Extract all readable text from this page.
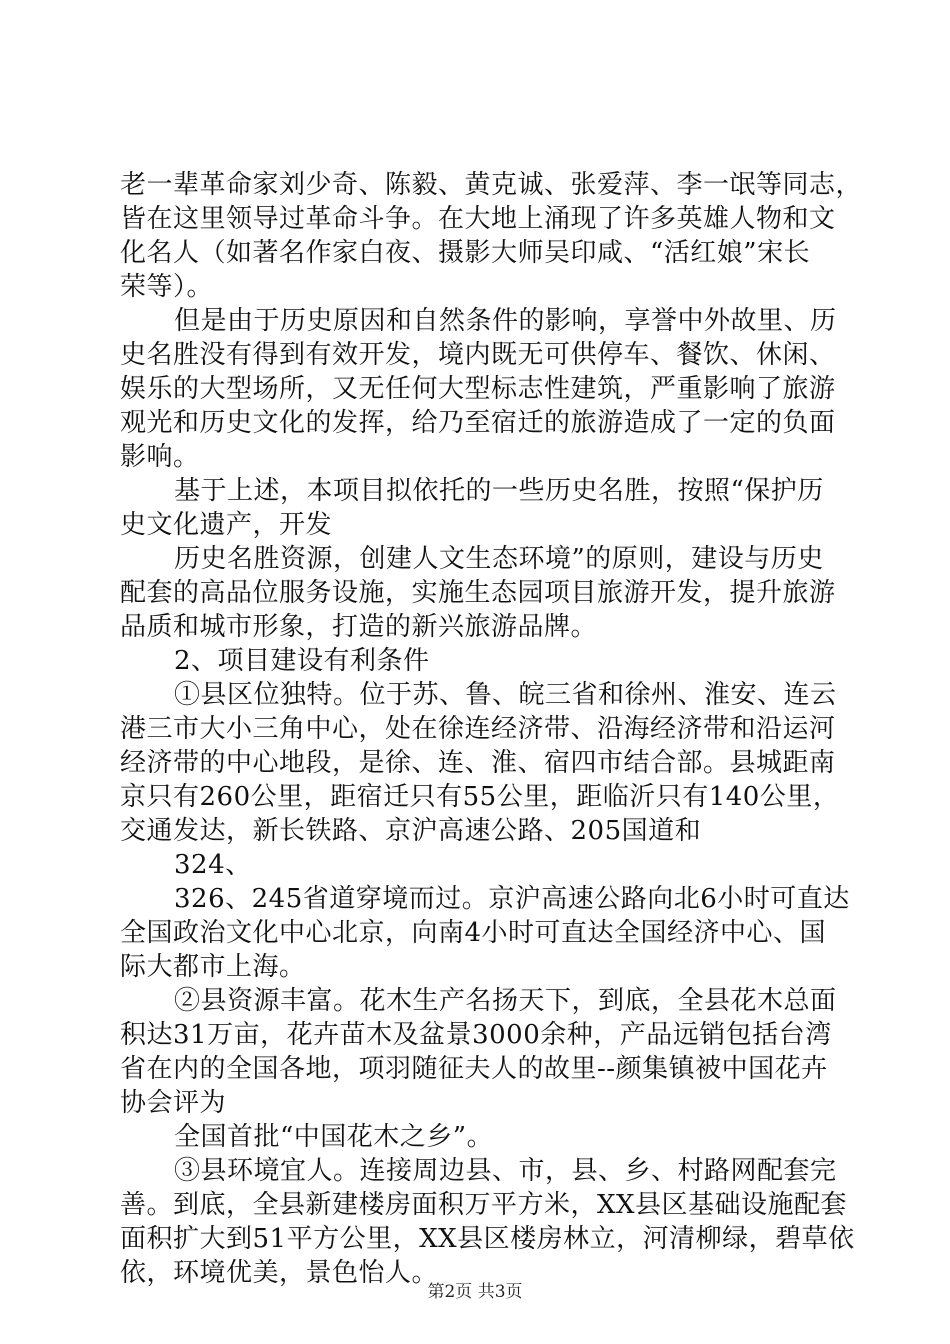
老一辈革命家刘少奇、陈毅、黄克诚、张爱萍、李一氓等同志，
皆在这里领导过革命斗争。在大地上涌现了许多英雄人物和文
化名人（如著名作家白夜、摄影大师吴印咸、“活红娘”宋长
荣等）。
但是由于历史原因和自然条件的影响，享誉中外故里、历
史名胜没有得到有效开发，境内既无可供停车、餐饮、休闲、
娱乐的大型场所，又无任何大型标志性建筑，严重影响了旅游
观光和历史文化的发挥，给乃至宿迁的旅游造成了一定的负面
影响。
基于上述，本项目拟依托的一些历史名胜，按照“保护历
史文化遗产，开发
历史名胜资源，创建人文生态环境”的原则，建设与历史
配套的高品位服务设施，实施生态园项目旅游开发，提升旅游
品质和城市形象，打造的新兴旅游品牌。
2、项目建设有利条件
①县区位独特。位于苏、鲁、皖三省和徐州、淮安、连云
港三市大小三角中心，处在徐连经济带、沿海经济带和沿运河
经济带的中心地段，是徐、连、淮、宿四市结合部。县城距南
京只有260公里，距宿迁只有55公里，距临沂只有140公里，
交通发达，新长铁路、京沪高速公路、205国道和
324、
326、245省道穿境而过。京沪高速公路向北6小时可直达
全国政治文化中心北京，向南4小时可直达全国经济中心、国
际大都市上海。
②县资源丰富。花木生产名扬天下，到底，全县花木总面
积达31万亩，花卉苗木及盆景3000余种，产品远销包括台湾
省在内的全国各地，项羽随征夫人的故里--颜集镇被中国花卉
协会评为
全国首批“中国花木之乡”。
③县环境宜人。连接周边县、市，县、乡、村路网配套完
善。到底，全县新建楼房面积万平方米，XX县区基础设施配套
面积扩大到51平方公里，XX县区楼房林立，河清柳绿，碧草依
依，环境优美，景色怡人。
第2页 共3页
